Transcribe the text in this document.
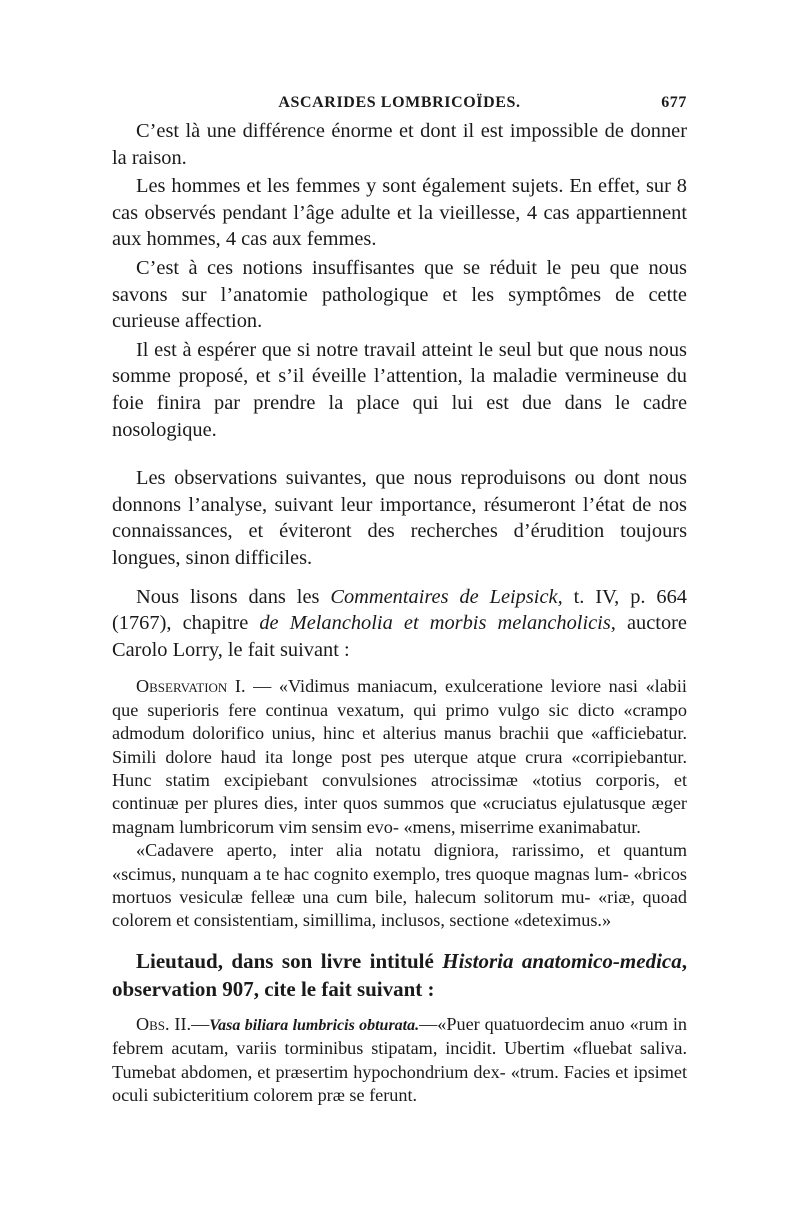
ASCARIDES LOMBRICOÏDES.	677

C’est là une différence énorme et dont il est impossible de donner la raison.

Les hommes et les femmes y sont également sujets. En effet, sur 8 cas observés pendant l’âge adulte et la vieillesse, 4 cas appartiennent aux hommes, 4 cas aux femmes.

C’est à ces notions insuffisantes que se réduit le peu que nous savons sur l’anatomie pathologique et les symptômes de cette curieuse affection.

Il est à espérer que si notre travail atteint le seul but que nous nous somme proposé, et s’il éveille l’attention, la maladie vermineuse du foie finira par prendre la place qui lui est due dans le cadre nosologique.

Les observations suivantes, que nous reproduisons ou dont nous donnons l’analyse, suivant leur importance, résumeront l’état de nos connaissances, et éviteront des recherches d’érudition toujours longues, sinon difficiles.

Nous lisons dans les Commentaires de Leipsick, t. IV, p. 664 (1767), chapitre de Melancholia et morbis melancholicis, auctore Carolo Lorry, le fait suivant :

Observation I. — «Vidimus maniacum, exulceratione leviore nasi «labii que superioris fere continua vexatum, qui primo vulgo sic dicto «crampo admodum dolorifico unius, hinc et alterius manus brachii que «afficiebatur. Simili dolore haud ita longe post pes uterque atque crura «corripiebantur. Hunc statim excipiebant convulsiones atrocissimæ «totius corporis, et continuæ per plures dies, inter quos summos que «cruciatus ejulatusque æger magnam lumbricorum vim sensim evo- «mens, miserrime exanimabatur.

«Cadavere aperto, inter alia notatu digniora, rarissimo, et quantum «scimus, nunquam a te hac cognito exemplo, tres quoque magnas lum- «bricos mortuos vesiculæ felleæ una cum bile, halecum solitorum mu- «riæ, quoad colorem et consistentiam, simillima, inclusos, sectione «deteximus.»

Lieutaud, dans son livre intitulé Historia anatomico-medica, observation 907, cite le fait suivant :

Obs. II.—Vasa biliara lumbricis obturata.—«Puer quatuordecim anuo «rum in febrem acutam, variis torminibus stipatam, incidit. Ubertim «fluebat saliva. Tumebat abdomen, et præsertim hypochondrium dex- «trum. Facies et ipsimet oculi subicteritium colorem præ se ferunt.
